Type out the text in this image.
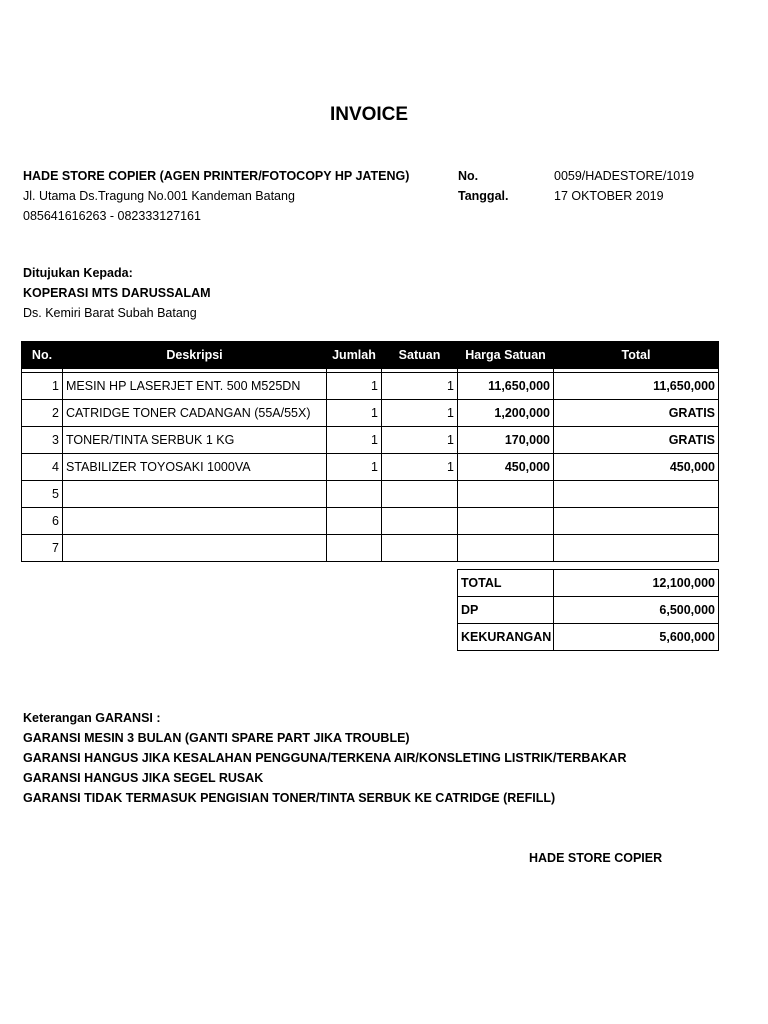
INVOICE
HADE STORE COPIER (AGEN PRINTER/FOTOCOPY HP JATENG)
Jl. Utama Ds.Tragung No.001 Kandeman Batang
085641616263 - 082333127161
No.	0059/HADESTORE/1019
Tanggal.	17 OKTOBER 2019
Ditujukan Kepada:
KOPERASI MTS DARUSSALAM
Ds. Kemiri Barat Subah Batang
No.	Deskripsi	Jumlah	Satuan	Harga Satuan	Total

1	MESIN HP LASERJET ENT. 500 M525DN	1	1	11,650,000	11,650,000
2	CATRIDGE TONER CADANGAN (55A/55X)	1	1	1,200,000	GRATIS
3	TONER/TINTA SERBUK 1 KG	1	1	170,000	GRATIS
4	STABILIZER TOYOSAKI 1000VA	1	1	450,000	450,000
5					
6					
7					
TOTAL	12,100,000
DP	6,500,000
KEKURANGAN	5,600,000
Keterangan GARANSI :
GARANSI MESIN 3 BULAN (GANTI SPARE PART JIKA TROUBLE)
GARANSI HANGUS JIKA KESALAHAN PENGGUNA/TERKENA AIR/KONSLETING LISTRIK/TERBAKAR
GARANSI HANGUS JIKA SEGEL RUSAK
GARANSI TIDAK TERMASUK PENGISIAN TONER/TINTA SERBUK KE CATRIDGE (REFILL)
HADE STORE COPIER
